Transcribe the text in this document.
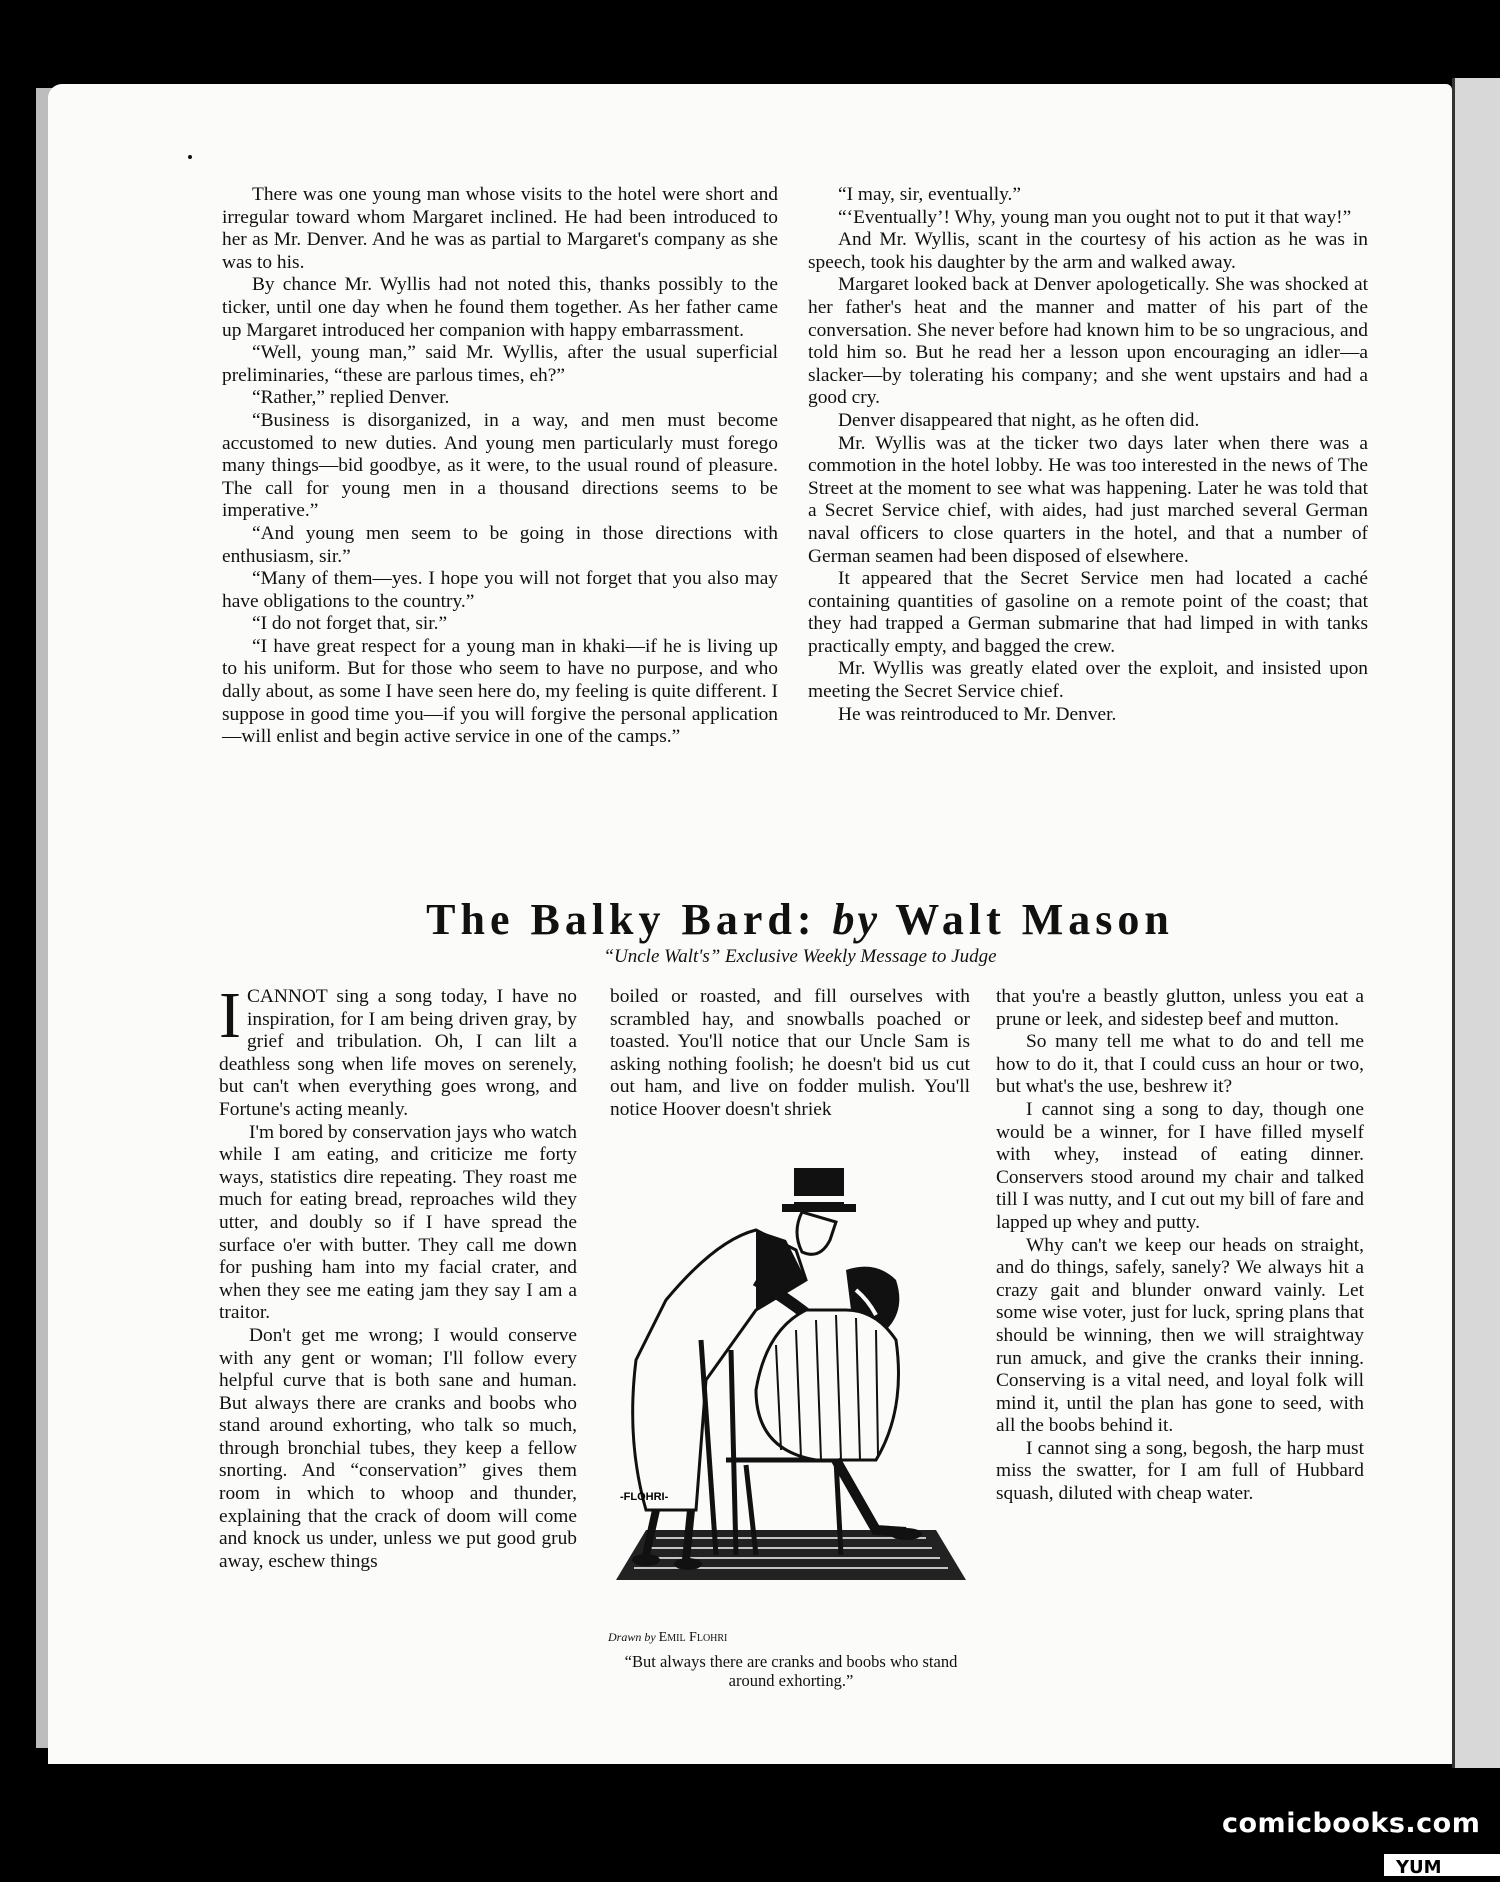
There was one young man whose visits to the hotel were short and irregular toward whom Margaret inclined. He had been introduced to her as Mr. Denver. And he was as partial to Margaret's company as she was to his.

By chance Mr. Wyllis had not noted this, thanks possibly to the ticker, until one day when he found them together. As her father came up Margaret introduced her companion with happy embarrassment.

“Well, young man,” said Mr. Wyllis, after the usual superficial preliminaries, “these are parlous times, eh?”

“Rather,” replied Denver.

“Business is disorganized, in a way, and men must become accustomed to new duties. And young men particularly must forego many things—bid goodbye, as it were, to the usual round of pleasure. The call for young men in a thousand directions seems to be imperative.”

“And young men seem to be going in those directions with enthusiasm, sir.”

“Many of them—yes. I hope you will not forget that you also may have obligations to the country.”

“I do not forget that, sir.”

“I have great respect for a young man in khaki—if he is living up to his uniform. But for those who seem to have no purpose, and who dally about, as some I have seen here do, my feeling is quite different. I suppose in good time you—if you will forgive the personal application—will enlist and begin active service in one of the camps.”

“I may, sir, eventually.”

“‘Eventually’! Why, young man you ought not to put it that way!”

And Mr. Wyllis, scant in the courtesy of his action as he was in speech, took his daughter by the arm and walked away.

Margaret looked back at Denver apologetically. She was shocked at her father's heat and the manner and matter of his part of the conversation. She never before had known him to be so ungracious, and told him so. But he read her a lesson upon encouraging an idler—a slacker—by tolerating his company; and she went upstairs and had a good cry.

Denver disappeared that night, as he often did.

Mr. Wyllis was at the ticker two days later when there was a commotion in the hotel lobby. He was too interested in the news of The Street at the moment to see what was happening. Later he was told that a Secret Service chief, with aides, had just marched several German naval officers to close quarters in the hotel, and that a number of German seamen had been disposed of elsewhere.

It appeared that the Secret Service men had located a caché containing quantities of gasoline on a remote point of the coast; that they had trapped a German submarine that had limped in with tanks practically empty, and bagged the crew.

Mr. Wyllis was greatly elated over the exploit, and insisted upon meeting the Secret Service chief.

He was reintroduced to Mr. Denver.

The Balky Bard: by Walt Mason
“Uncle Walt's” Exclusive Weekly Message to Judge

ICANNOT sing a song today, I have no inspiration, for I am being driven gray, by grief and tribulation. Oh, I can lilt a deathless song when life moves on serenely, but can't when everything goes wrong, and Fortune's acting meanly.

I'm bored by conservation jays who watch while I am eating, and criticize me forty ways, statistics dire repeating. They roast me much for eating bread, reproaches wild they utter, and doubly so if I have spread the surface o'er with butter. They call me down for pushing ham into my facial crater, and when they see me eating jam they say I am a traitor.

Don't get me wrong; I would conserve with any gent or woman; I'll follow every helpful curve that is both sane and human. But always there are cranks and boobs who stand around exhorting, who talk so much, through bronchial tubes, they keep a fellow snorting. And “conservation” gives them room in which to whoop and thunder, explaining that the crack of doom will come and knock us under, unless we put good grub away, eschew things

boiled or roasted, and fill ourselves with scrambled hay, and snowballs poached or toasted. You'll notice that our Uncle Sam is asking nothing foolish; he doesn't bid us cut out ham, and live on fodder mulish. You'll notice Hoover doesn't shriek

that you're a beastly glutton, unless you eat a prune or leek, and sidestep beef and mutton.

So many tell me what to do and tell me how to do it, that I could cuss an hour or two, but what's the use, beshrew it?

I cannot sing a song to day, though one would be a winner, for I have filled myself with whey, instead of eating dinner. Conservers stood around my chair and talked till I was nutty, and I cut out my bill of fare and lapped up whey and putty.

Why can't we keep our heads on straight, and do things, safely, sanely? We always hit a crazy gait and blunder onward vainly. Let some wise voter, just for luck, spring plans that should be winning, then we will straightway run amuck, and give the cranks their inning. Conserving is a vital need, and loyal folk will mind it, until the plan has gone to seed, with all the boobs behind it.

I cannot sing a song, begosh, the harp must miss the swatter, for I am full of Hubbard squash, diluted with cheap water.

-FLOHRI-
Drawn by Emil Flohri
“But always there are cranks and boobs who stand around exhorting.”
comicbooks.com
YUM
